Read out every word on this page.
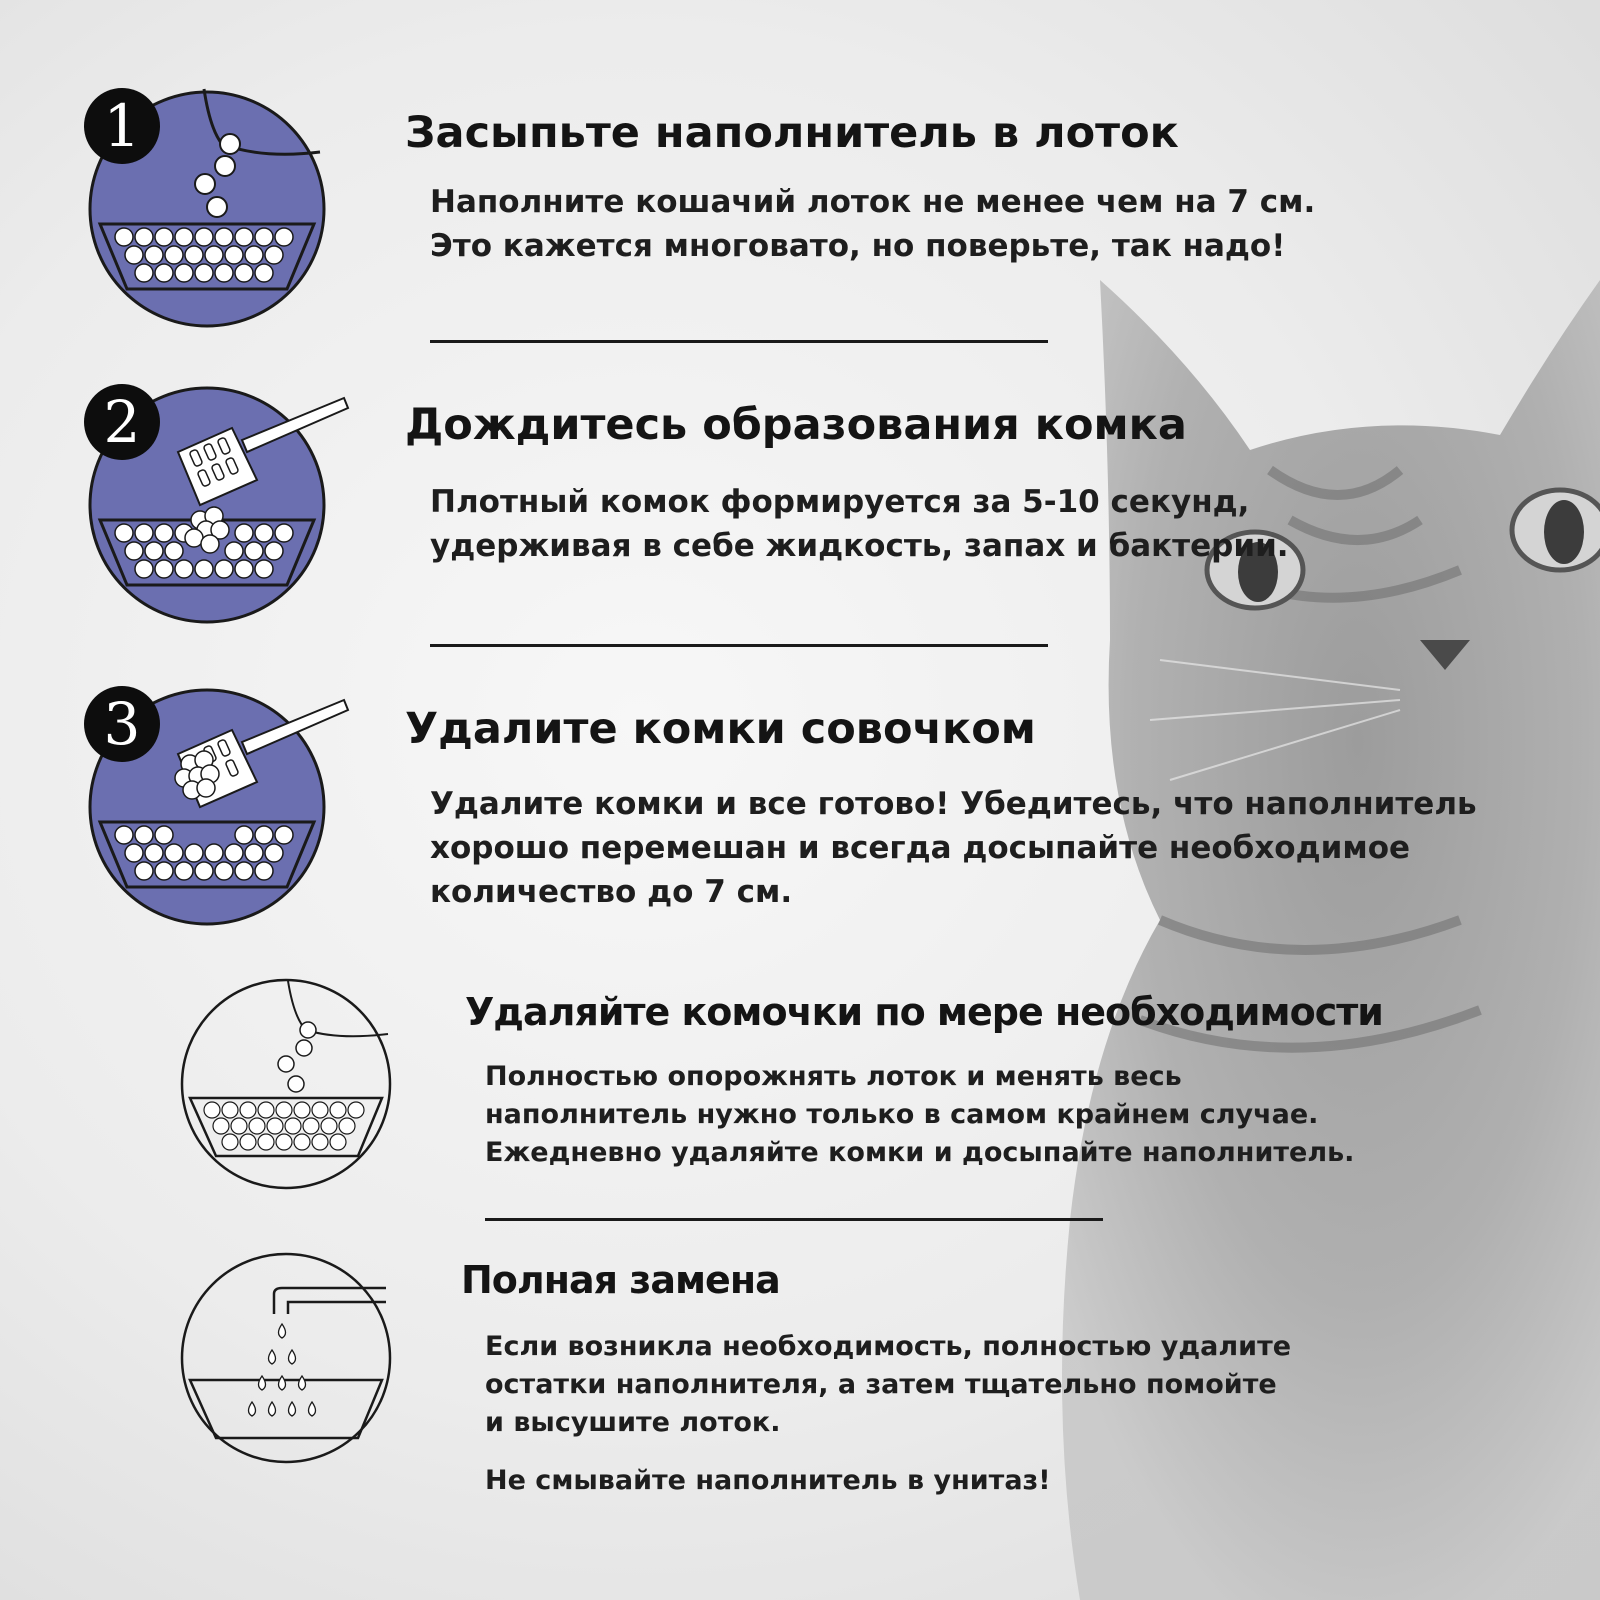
1	Засыпьте наполнитель в лоток

Наполните кошачий лоток не менее чем на 7 см.

Это кажется многовато, но поверьте, так надо!

2	Дождитесь образования комка

Плотный комок формируется за 5-10 секунд,

удерживая в себе жидкость, запах и бактерии.

3	Удалите комки совочком

Удалите комки и все готово! Убедитесь, что наполнитель

хорошо перемешан и всегда досыпайте необходимое

количество до 7 см.

Удаляйте комочки по мере необходимости

Полностью опорожнять лоток и менять весь

наполнитель нужно только в самом крайнем случае.

Ежедневно удаляйте комки и досыпайте наполнитель.

Полная замена

Если возникла необходимость, полностью удалите

остатки наполнителя, а затем тщательно помойте

и высушите лоток.

Не смывайте наполнитель в унитаз!
